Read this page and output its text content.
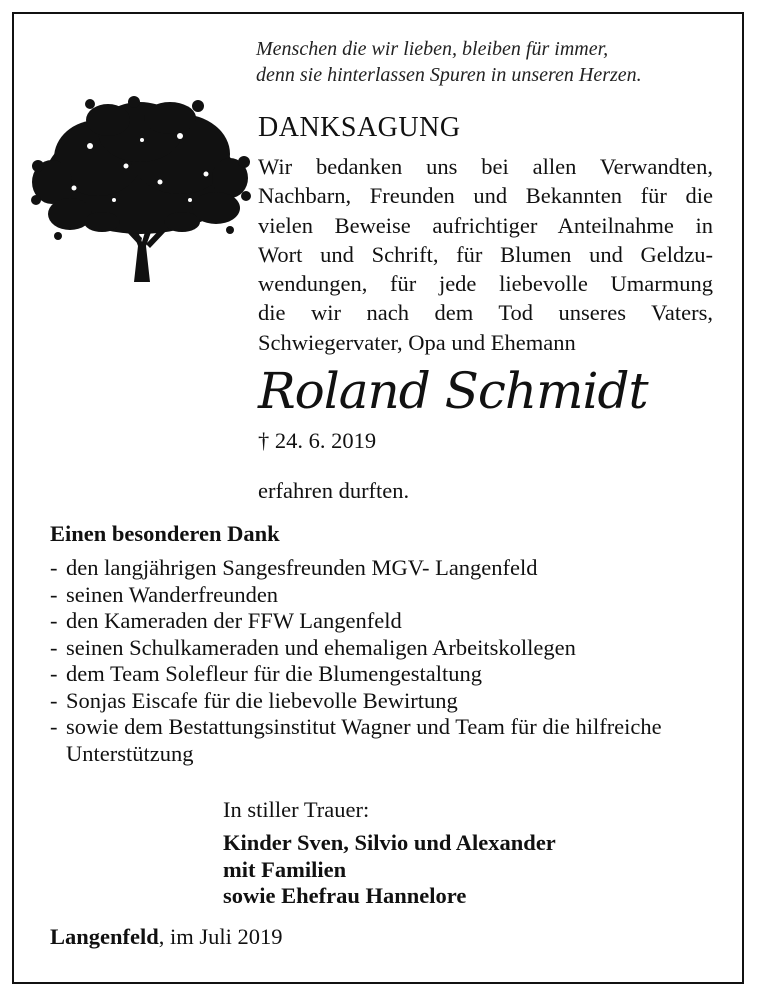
Menschen die wir lieben, bleiben für immer,
denn sie hinterlassen Spuren in unseren Herzen.
DANKSAGUNG
Wir bedanken uns bei allen Verwandten,
Nachbarn, Freunden und Bekannten für die
vielen Beweise aufrichtiger Anteilnahme in
Wort und Schrift, für Blumen und Geldzu-
wendungen, für jede liebevolle Umarmung
die wir nach dem Tod unseres Vaters,
Schwiegervater, Opa und Ehemann
Roland Schmidt
† 24. 6. 2019
erfahren durften.
Einen besonderen Dank
- den langjährigen Sangesfreunden MGV- Langenfeld
- seinen Wanderfreunden
- den Kameraden der FFW Langenfeld
- seinen Schulkameraden und ehemaligen Arbeitskollegen
- dem Team Solefleur für die Blumengestaltung
- Sonjas Eiscafe für die liebevolle Bewirtung
- sowie dem Bestattungsinstitut Wagner und Team für die hilfreiche Unterstützung
In stiller Trauer:
Kinder Sven, Silvio und Alexander
mit Familien
sowie Ehefrau Hannelore
Langenfeld, im Juli 2019
